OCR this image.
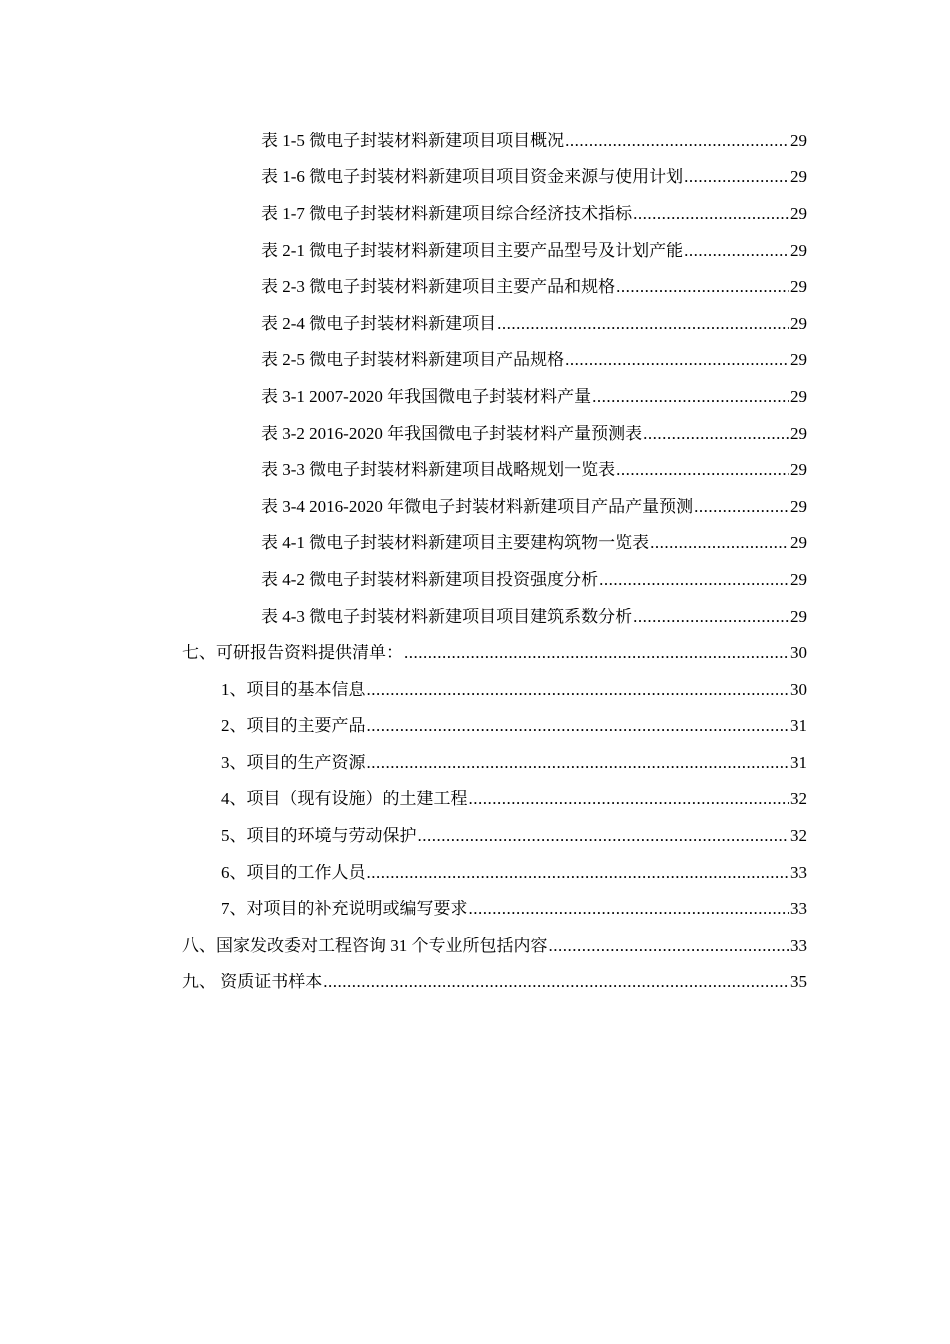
表 1-5 微电子封装材料新建项目项目概况 .....	29
表 1-6 微电子封装材料新建项目项目资金来源与使用计划 .....	29
表 1-7 微电子封装材料新建项目综合经济技术指标 .....	29
表 2-1 微电子封装材料新建项目主要产品型号及计划产能 .....	29
表 2-3 微电子封装材料新建项目主要产品和规格 .....	29
表 2-4 微电子封装材料新建项目 .....	29
表 2-5 微电子封装材料新建项目产品规格 .....	29
表 3-1 2007-2020 年我国微电子封装材料产量 .....	29
表 3-2 2016-2020 年我国微电子封装材料产量预测表 .....	29
表 3-3 微电子封装材料新建项目战略规划一览表 .....	29
表 3-4 2016-2020 年微电子封装材料新建项目产品产量预测 .....	29
表 4-1 微电子封装材料新建项目主要建构筑物一览表 .....	29
表 4-2 微电子封装材料新建项目投资强度分析 .....	29
表 4-3 微电子封装材料新建项目项目建筑系数分析 .....	29
七、可研报告资料提供清单： .....	30
1、项目的基本信息 .....	30
2、项目的主要产品 .....	31
3、项目的生产资源 .....	31
4、项目（现有设施）的土建工程 .....	32
5、项目的环境与劳动保护 .....	32
6、项目的工作人员 .....	33
7、对项目的补充说明或编写要求 .....	33
八、国家发改委对工程咨询 31 个专业所包括内容 .....	33
九、 资质证书样本 .....	35
